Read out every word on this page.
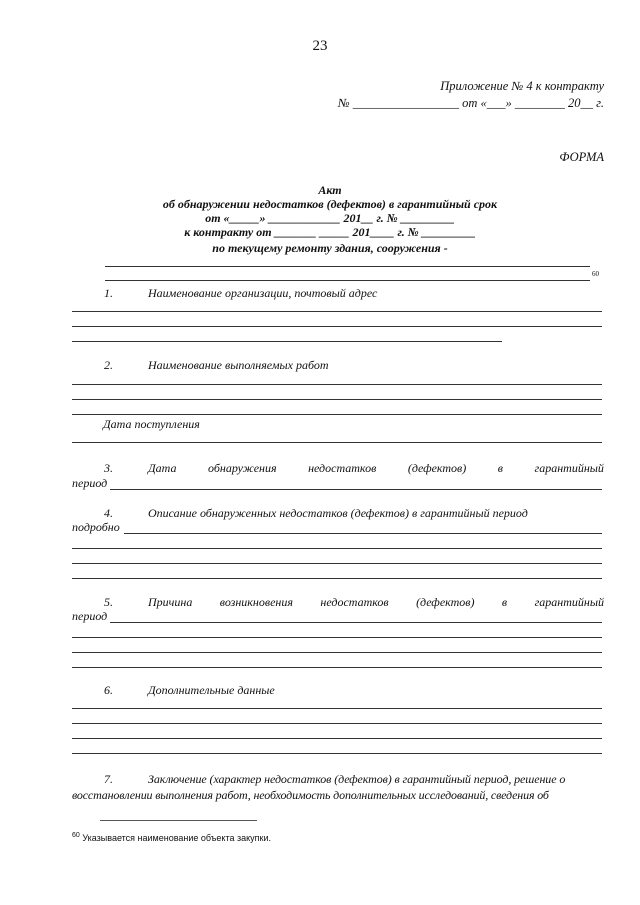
23
Приложение № 4 к контракту
№ _________________ от «___» ________ 20__ г.
ФОРМА
Акт
об обнаружении недостатков (дефектов) в гарантийный срок
от «_____» ____________ 201__ г. № _________
к контракту от _______ _____ 201____ г. № _________
по текущему ремонту здания, сооружения -
60
1.	Наименование организации, почтовый адрес
2.	Наименование выполняемых работ
Дата поступления
3.	Дата	обнаружения	недостатков	(дефектов)	в	гарантийный
период
4.	Описание обнаруженных недостатков (дефектов) в гарантийный период
подробно
5.	Причина возникновения недостатков (дефектов) в гарантийный
период
6.	Дополнительные данные
7.	Заключение (характер недостатков (дефектов) в гарантийный период, решение о
восстановлении выполнения работ, необходимость дополнительных исследований, сведения об
$^{60}$ Указывается наименование объекта закупки.
